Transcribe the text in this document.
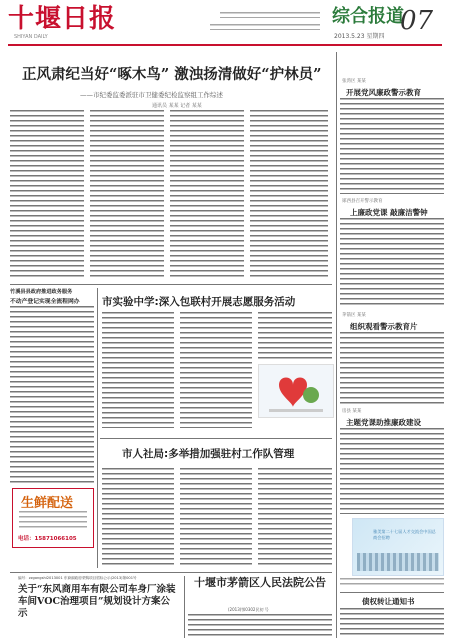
十堰日报
SHIYAN DAILY
综合报道
2013.5.23 星期四
07
正风肃纪当好“啄木鸟” 激浊扬清做好“护林员”
——市纪委监委派驻市卫健委纪检监察组工作综述
通讯员 某某 记者 某某
竹溪县县政府推进政务服务
不动产登记实现全流程网办
生鲜配送
电话：15871066105
市实验中学:深入包联村开展志愿服务活动
市人社局:多举措加强驻村工作队管理
编号：zzgongshi2013001 东商副政府采购项目招标公示(2013)第001号
关于“东风商用车有限公司车身厂涂装车间VOC治理项目”规划设计方案公示
十堰市茅箭区人民法院公告
(2013)鄂0302民初 号
张湾区 某某
开展党风廉政警示教育
郧西县召开警示教育
上廉政党课 敲廉洁警钟
茅箭区 某某
组织观看警示教育片
房县 某某
主题党课助推廉政建设
雅美第二十七届人才交流会中国总商会招聘
债权转让通知书
